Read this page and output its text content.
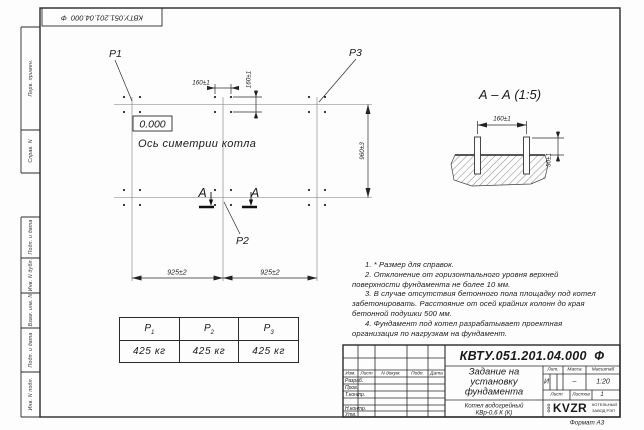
P1	P3
P2
0.000
Ось симетрии котла
160±1	160±1
960±3
925±2	925±2
А	А
А – А (1:5)
160±1
50±1
КВТУ.051.201.04.000  Ф
Перв. примен.
Справ. N
Подп. и дата
Инв. N дубл.
Взам. инв. N
Подп. и дата
Инв. N подл.

1. * Размер для справок.

2. Отклонение от горизонтального уровня верхней поверхности фундамента не более 10 мм.

3. В случае отсутствия бетонного пола площадку под котел забетонировать. Расстояние от осей крайних колонн до края бетонной подушки 500 мм.

4. Фундамент под котел разрабатывает проектная организация по нагрузкам на фундамент.

$P_1$	$P_2$	$P_3$
425 кг	425 кг	425 кг	КВТУ.051.201.04.000  Ф
Изм. Лист N докум. Подп. Дата
Разраб.
Пров.
Т.контр.
Н.контр.
Утв.
Задание на
установку
фундамента
Котел водогрейный
КВр-0,6 К (К)
Лит. Масса Масштаб
И	–	1:20
Лист Листов 1
ООО KVZR КОТЕЛЬНЫЙ
ЗАВОД РЭП
Формат А3
